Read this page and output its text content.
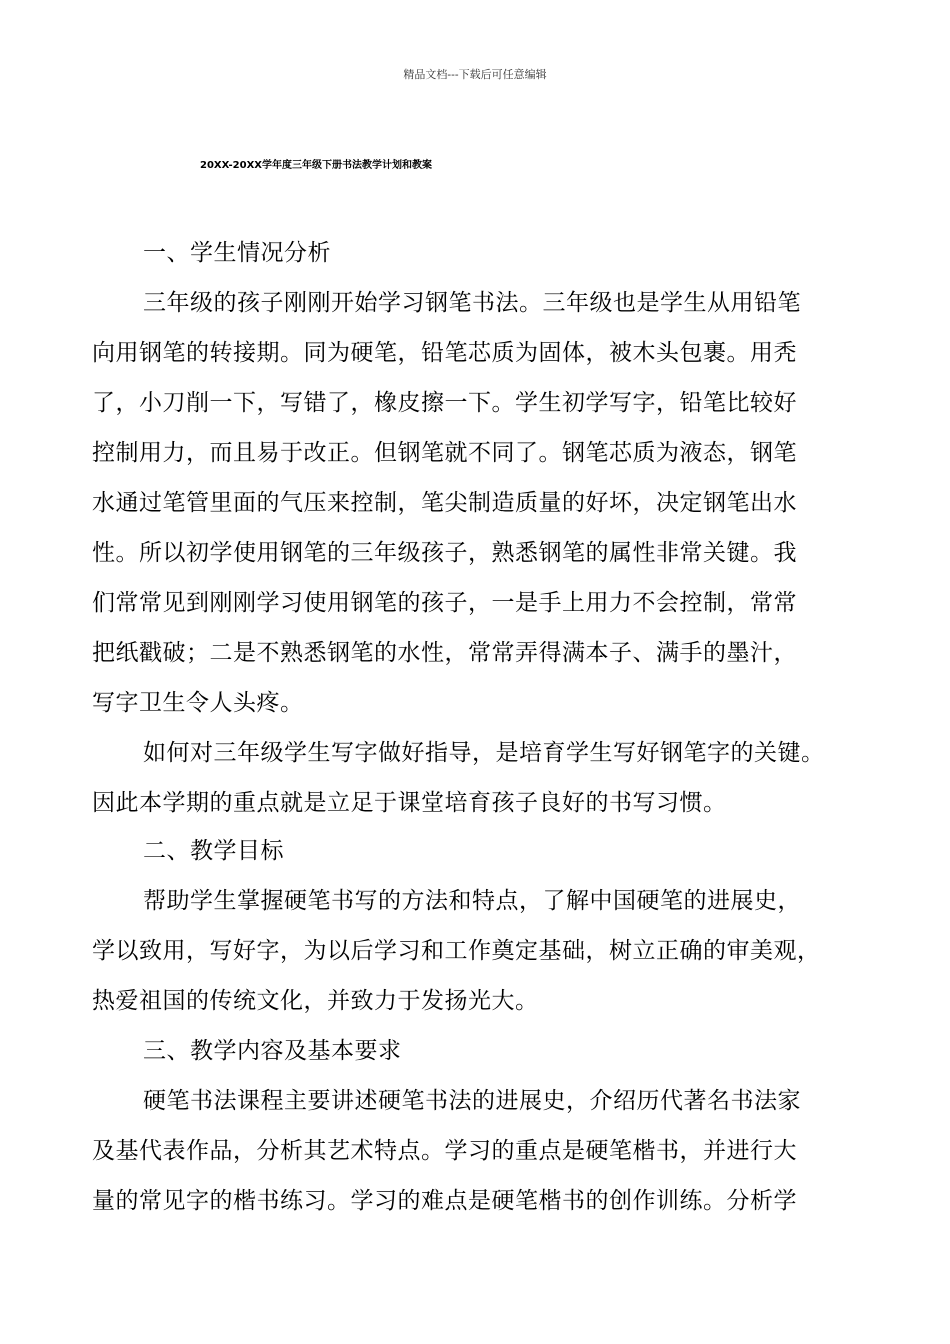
精品文档---下载后可任意编辑
20XX-20XX学年度三年级下册书法教学计划和教案
一、学生情况分析
三年级的孩子刚刚开始学习钢笔书法。三年级也是学生从用铅笔
向用钢笔的转接期。同为硬笔，铅笔芯质为固体，被木头包裹。用秃
了，小刀削一下，写错了，橡皮擦一下。学生初学写字，铅笔比较好
控制用力，而且易于改正。但钢笔就不同了。钢笔芯质为液态，钢笔
水通过笔管里面的气压来控制，笔尖制造质量的好坏，决定钢笔出水
性。所以初学使用钢笔的三年级孩子，熟悉钢笔的属性非常关键。我
们常常见到刚刚学习使用钢笔的孩子，一是手上用力不会控制，常常
把纸戳破；二是不熟悉钢笔的水性，常常弄得满本子、满手的墨汁，
写字卫生令人头疼。
如何对三年级学生写字做好指导，是培育学生写好钢笔字的关键。
因此本学期的重点就是立足于课堂培育孩子良好的书写习惯。
二、教学目标
帮助学生掌握硬笔书写的方法和特点，了解中国硬笔的进展史，
学以致用，写好字，为以后学习和工作奠定基础，树立正确的审美观，
热爱祖国的传统文化，并致力于发扬光大。
三、教学内容及基本要求
硬笔书法课程主要讲述硬笔书法的进展史，介绍历代著名书法家
及基代表作品，分析其艺术特点。学习的重点是硬笔楷书，并进行大
量的常见字的楷书练习。学习的难点是硬笔楷书的创作训练。分析学
